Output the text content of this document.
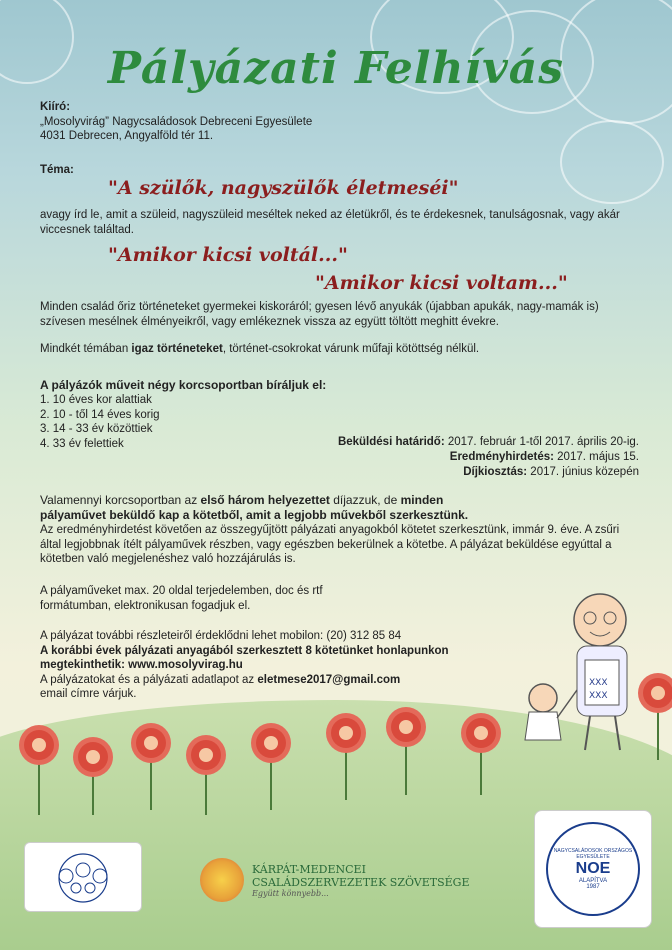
XXX
XXX
Pályázati Felhívás
Kiíró:
„Mosolyvirág” Nagycsaládosok Debreceni Egyesülete
4031 Debrecen, Angyalföld tér 11.
Téma:
"A szülők, nagyszülők életmeséi"
avagy írd le, amit a szüleid, nagyszüleid meséltek neked az életükről, és te érdekesnek, tanulságosnak, vagy akár viccesnek találtad.
"Amikor kicsi voltál..."
"Amikor kicsi voltam..."
Minden család őriz történeteket gyermekei kiskoráról; gyesen lévő anyukák (újabban apukák, nagy-mamák is) szívesen mesélnek élményeikről, vagy emlékeznek vissza az együtt töltött meghitt évekre.
Mindkét témában igaz történeteket, történet-csokrokat várunk műfaji kötöttség nélkül.
A pályázók műveit négy korcsoportban bíráljuk el:
1. 10 éves kor alattiak
2. 10 - től 14 éves korig
3. 14 - 33 év közöttiek
4. 33 év felettiek	Beküldési határidő: 2017. február 1-től 2017. április 20-ig.
Eredményhirdetés: 2017. május 15.
Díjkiosztás: 2017. június közepén
Valamennyi korcsoportban az első három helyezettet díjazzuk, de minden
pályaművet beküldő kap a kötetből, amit a legjobb művekből szerkesztünk.
Az eredményhirdetést követően az összegyűjtött pályázati anyagokból kötetet szerkesztünk, immár 9. éve. A zsűri által legjobbnak ítélt pályaművek részben, vagy egészben bekerülnek a kötetbe. A pályázat beküldése egyúttal a kötetben való megjelenéshez való hozzájárulás is.
A pályaműveket max. 20 oldal terjedelemben, doc és rtf formátumban, elektronikusan fogadjuk el.
A pályázat további részleteiről érdeklődni lehet mobilon: (20) 312 85 84
A korábbi évek pályázati anyagából szerkesztett 8 kötetünket honlapunkon megtekinthetik: www.mosolyvirag.hu
A pályázatokat és a pályázati adatlapot az eletmese2017@gmail.com
email címre várjuk.
KÁRPÁT-MEDENCEI
CSALÁDSZERVEZETEK SZÖVETSÉGE
Együtt könnyebb...
NAGYCSALÁDOSOK ORSZÁGOS EGYESÜLETE
NOE
ALAPÍTVA
1987
